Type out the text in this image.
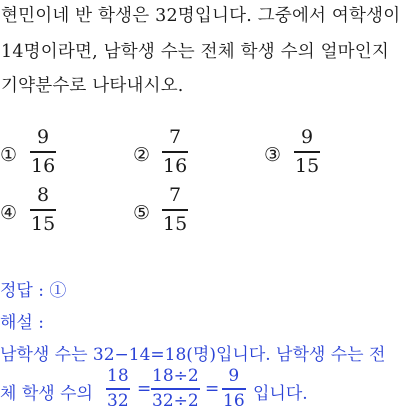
현민이네 반 학생은 32명입니다. 그중에서 여학생이
14명이라면, 남학생 수는 전체 학생 수의 얼마인지
기약분수로 나타내시오.
①
9
16	②
7
16	③
9
15
④
8
15	⑤
7
15
정답 : ①
해설 :
남학생 수는 32−14=18(명)입니다. 남학생 수는 전
체 학생 수의
18
32
=
18÷2
32÷2
=
9
16 입니다.
